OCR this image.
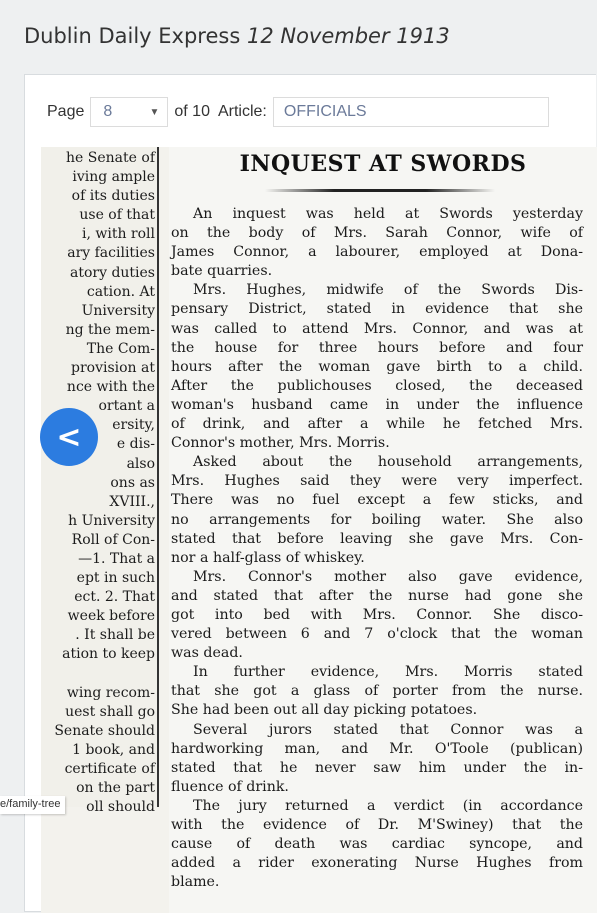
Dublin Daily Express 12 November 1913
Page 8	▼ of 10 Article: OFFICIALS
he Senate of
iving ample
of its duties
use of that
i, with roll
ary facilities
atory duties
cation. At
University
ng the mem-
The Com-
provision at
nce with the
ortant a
ersity,
e dis-
also
ons as
XVIII.,
h University
Roll of Con-
—1. That a
ept in such
ect. 2. That
week before
. It shall be
ation to keep

wing recom-
uest shall go
Senate should
1 book, and
certificate of
on the part
oll should
INQUEST AT SWORDS
An inquest was held at Swords yesterday
on the body of Mrs. Sarah Connor, wife of
James Connor, a labourer, employed at Dona-
bate quarries.
Mrs. Hughes, midwife of the Swords Dis-
pensary District, stated in evidence that she
was called to attend Mrs. Connor, and was at
the house for three hours before and four
hours after the woman gave birth to a child.
After the publichouses closed, the deceased
woman's husband came in under the influence
of drink, and after a while he fetched Mrs.
Connor's mother, Mrs. Morris.
Asked about the household arrangements,
Mrs. Hughes said they were very imperfect.
There was no fuel except a few sticks, and
no arrangements for boiling water. She also
stated that before leaving she gave Mrs. Con-
nor a half-glass of whiskey.
Mrs. Connor's mother also gave evidence,
and stated that after the nurse had gone she
got into bed with Mrs. Connor. She disco-
vered between 6 and 7 o'clock that the woman
was dead.
In further evidence, Mrs. Morris stated
that she got a glass of porter from the nurse.
She had been out all day picking potatoes.
Several jurors stated that Connor was a
hardworking man, and Mr. O'Toole (publican)
stated that he never saw him under the in-
fluence of drink.
The jury returned a verdict (in accordance
with the evidence of Dr. M'Swiney) that the
cause of death was cardiac syncope, and
added a rider exonerating Nurse Hughes from
blame.
<
e/family-tree
